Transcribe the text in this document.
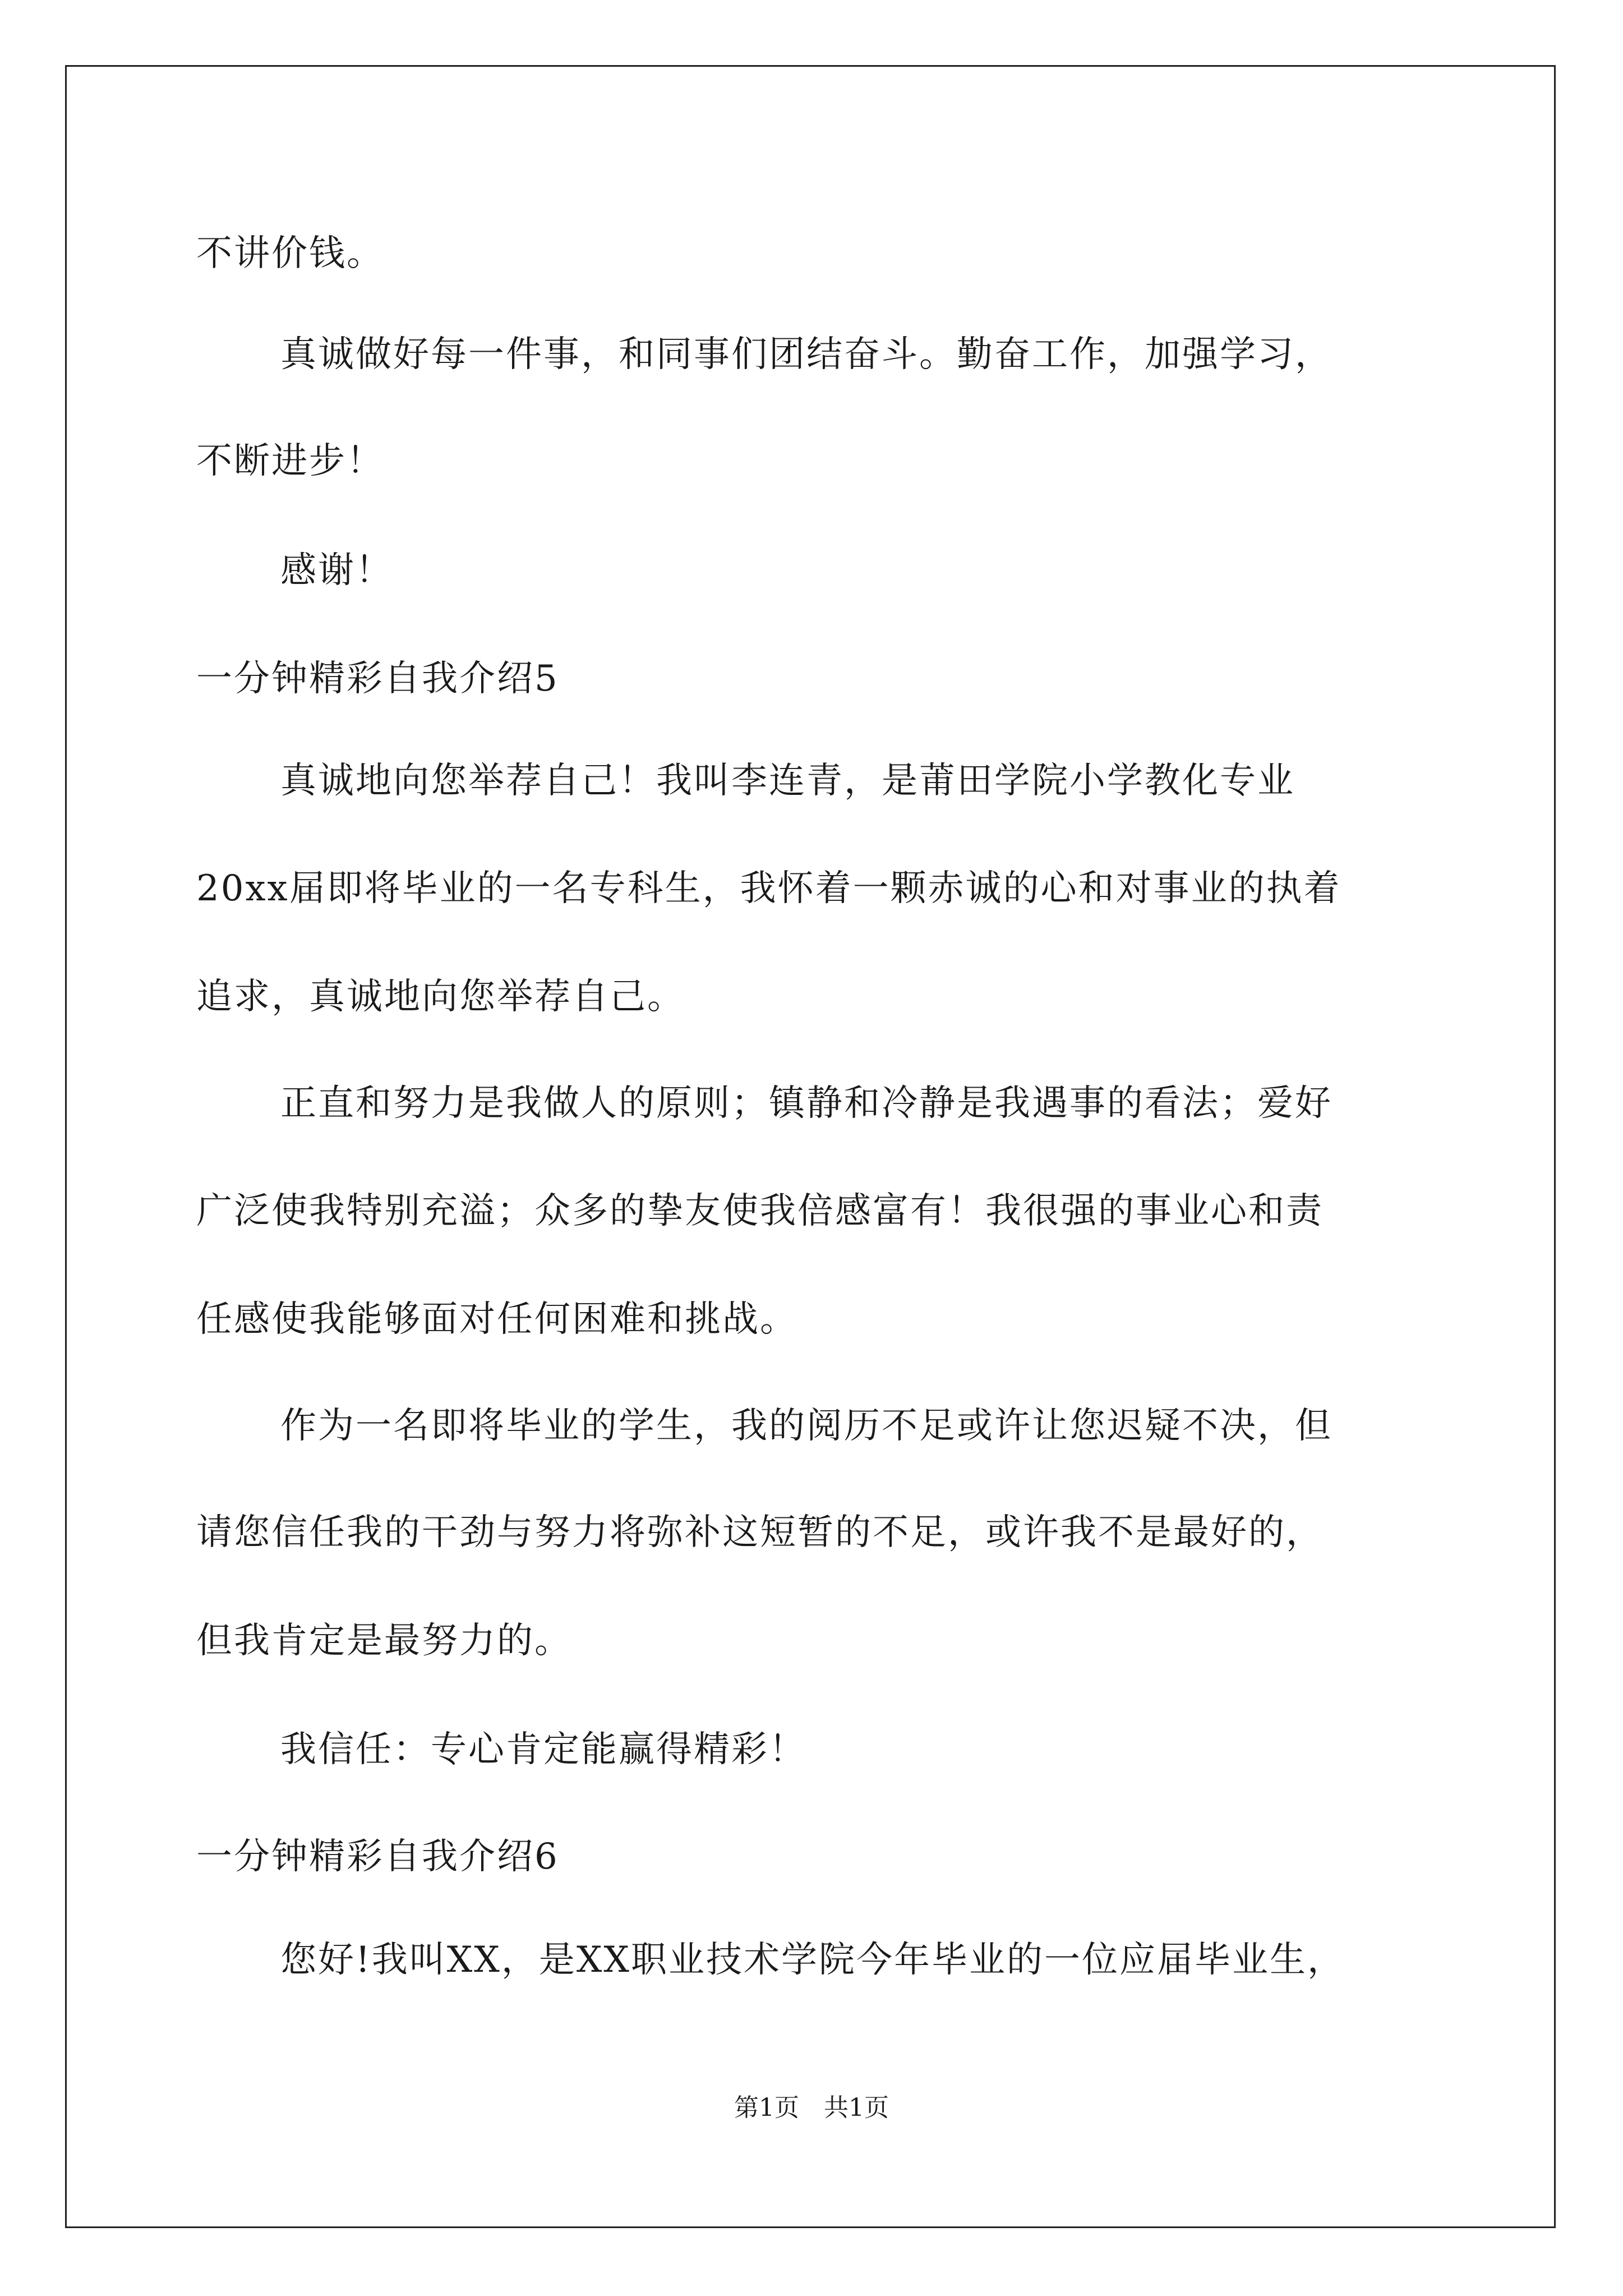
不讲价钱。
真诚做好每一件事，和同事们团结奋斗。勤奋工作，加强学习，
不断进步！
感谢！
一分钟精彩自我介绍5
真诚地向您举荐自己！我叫李连青，是莆田学院小学教化专业
20xx届即将毕业的一名专科生，我怀着一颗赤诚的心和对事业的执着
追求，真诚地向您举荐自己。
正直和努力是我做人的原则；镇静和冷静是我遇事的看法；爱好
广泛使我特别充溢；众多的挚友使我倍感富有！我很强的事业心和责
任感使我能够面对任何困难和挑战。
作为一名即将毕业的学生，我的阅历不足或许让您迟疑不决，但
请您信任我的干劲与努力将弥补这短暂的不足，或许我不是最好的，
但我肯定是最努力的。
我信任：专心肯定能赢得精彩！
一分钟精彩自我介绍6
您好!我叫XX，是XX职业技术学院今年毕业的一位应届毕业生，
第1页　共1页
